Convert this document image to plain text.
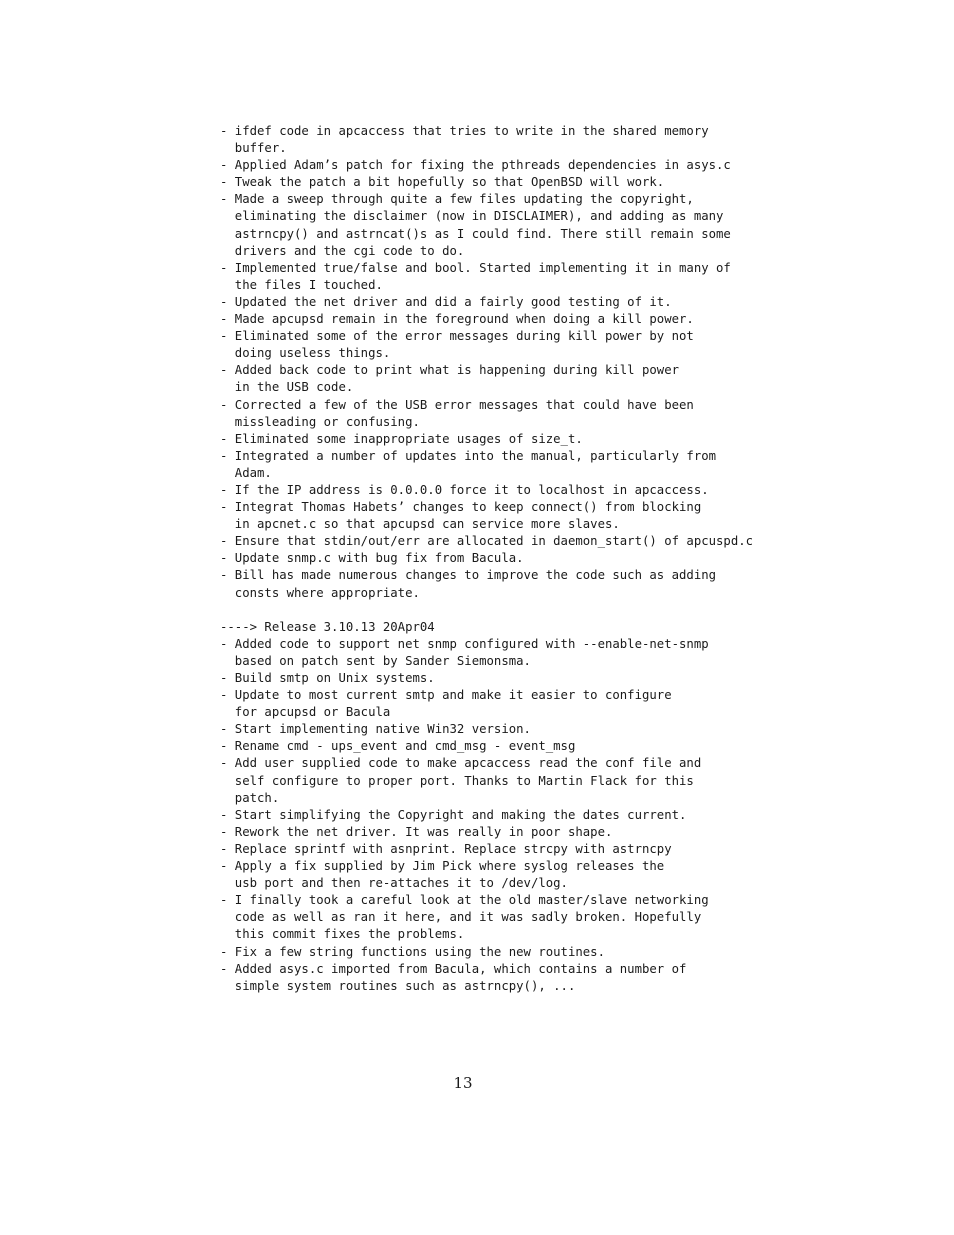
- ifdef code in apcaccess that tries to write in the shared memory
buffer.
- Applied Adam’s patch for fixing the pthreads dependencies in asys.c
- Tweak the patch a bit hopefully so that OpenBSD will work.
- Made a sweep through quite a few files updating the copyright,
eliminating the disclaimer (now in DISCLAIMER), and adding as many
astrncpy() and astrncat()s as I could find. There still remain some
drivers and the cgi code to do.
- Implemented true/false and bool. Started implementing it in many of
the files I touched.
- Updated the net driver and did a fairly good testing of it.
- Made apcupsd remain in the foreground when doing a kill power.
- Eliminated some of the error messages during kill power by not
doing useless things.
- Added back code to print what is happening during kill power
in the USB code.
- Corrected a few of the USB error messages that could have been
missleading or confusing.
- Eliminated some inappropriate usages of size_t.
- Integrated a number of updates into the manual, particularly from
Adam.
- If the IP address is 0.0.0.0 force it to localhost in apcaccess.
- Integrat Thomas Habets’ changes to keep connect() from blocking
in apcnet.c so that apcupsd can service more slaves.
- Ensure that stdin/out/err are allocated in daemon_start() of apcuspd.c
- Update snmp.c with bug fix from Bacula.
- Bill has made numerous changes to improve the code such as adding
consts where appropriate.
----> Release 3.10.13 20Apr04
- Added code to support net snmp configured with --enable-net-snmp
based on patch sent by Sander Siemonsma.
- Build smtp on Unix systems.
- Update to most current smtp and make it easier to configure
for apcupsd or Bacula
- Start implementing native Win32 version.
- Rename cmd - ups_event and cmd_msg - event_msg
- Add user supplied code to make apcaccess read the conf file and
self configure to proper port. Thanks to Martin Flack for this
patch.
- Start simplifying the Copyright and making the dates current.
- Rework the net driver. It was really in poor shape.
- Replace sprintf with asnprint. Replace strcpy with astrncpy
- Apply a fix supplied by Jim Pick where syslog releases the
usb port and then re-attaches it to /dev/log.
- I finally took a careful look at the old master/slave networking
code as well as ran it here, and it was sadly broken. Hopefully
this commit fixes the problems.
- Fix a few string functions using the new routines.
- Added asys.c imported from Bacula, which contains a number of
simple system routines such as astrncpy(), ...
13
